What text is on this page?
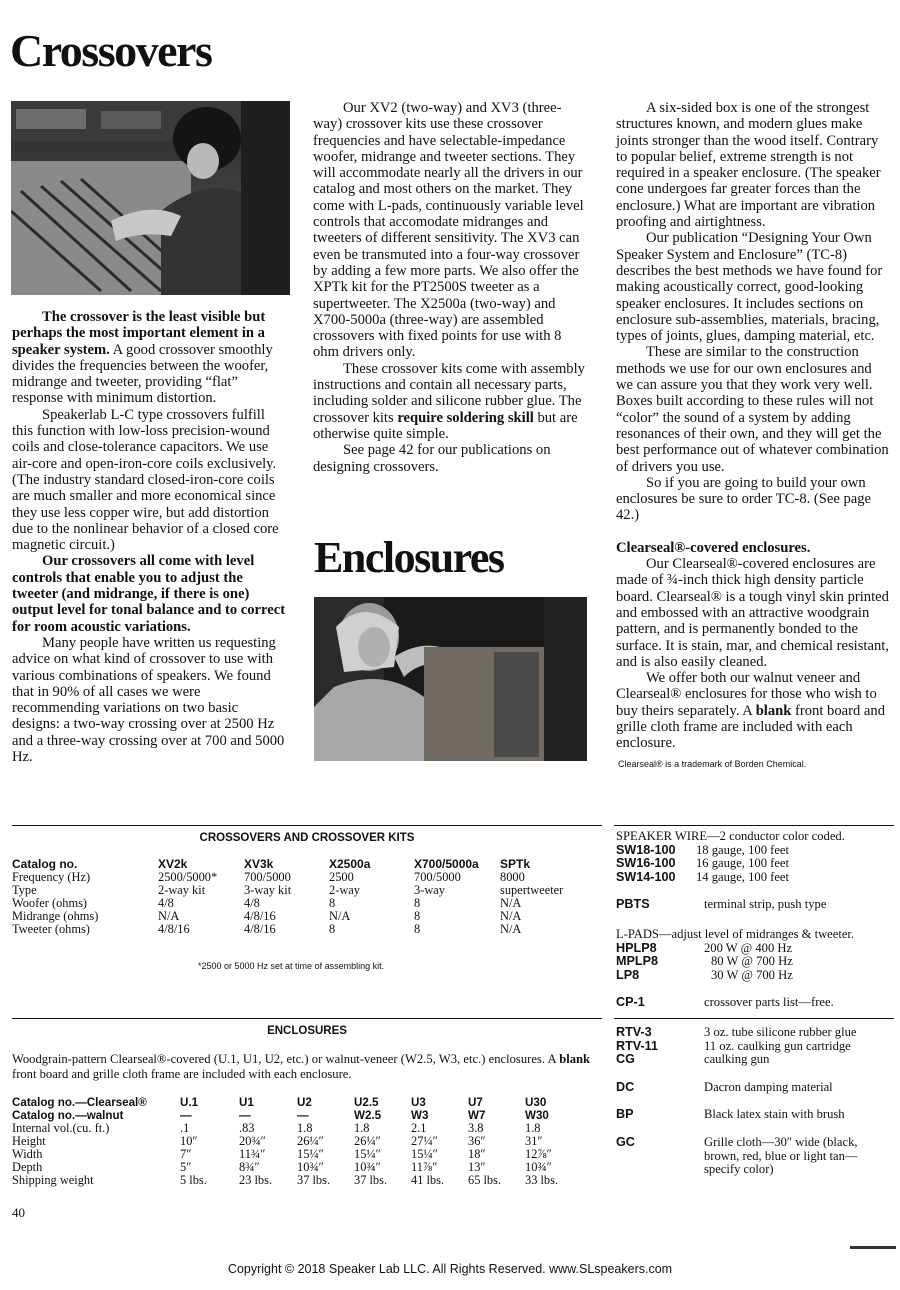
Crossovers
Enclosures

The crossover is the least visible but perhaps the most important element in a speaker system. A good crossover smoothly divides the frequencies between the woofer, midrange and tweeter, providing “flat” response with minimum distortion.

Speakerlab L-C type crossovers fulfill this function with low-loss precision-wound coils and close-tolerance capacitors. We use air-core and open-iron-core coils exclusively. (The industry standard closed-iron-core coils are much smaller and more economical since they use less copper wire, but add distortion due to the nonlinear behavior of a closed core magnetic circuit.)

Our crossovers all come with level controls that enable you to adjust the tweeter (and midrange, if there is one) output level for tonal balance and to correct for room acoustic variations.

Many people have written us requesting advice on what kind of crossover to use with various combinations of speakers. We found that in 90% of all cases we were recommending variations on two basic designs: a two-way crossing over at 2500 Hz and a three-way crossing over at 700 and 5000 Hz.

Our XV2 (two-way) and XV3 (three-way) crossover kits use these crossover frequencies and have selectable-impedance woofer, midrange and tweeter sections. They will accommodate nearly all the drivers in our catalog and most others on the market. They come with L-pads, continuously variable level controls that accomodate midranges and tweeters of different sensitivity. The XV3 can even be transmuted into a four-way crossover by adding a few more parts. We also offer the XPTk kit for the PT2500S tweeter as a supertweeter. The X2500a (two-way) and X700-5000a (three-way) are assembled crossovers with fixed points for use with 8 ohm drivers only.

These crossover kits come with assembly instructions and contain all necessary parts, including solder and silicone rubber glue. The crossover kits require soldering skill but are otherwise quite simple.

See page 42 for our publications on designing crossovers.

A six-sided box is one of the strongest structures known, and modern glues make joints stronger than the wood itself. Contrary to popular belief, extreme strength is not required in a speaker enclosure. (The speaker cone undergoes far greater forces than the enclosure.) What are important are vibration proofing and airtightness.

Our publication “Designing Your Own Speaker System and Enclosure” (TC-8) describes the best methods we have found for making acoustically correct, good-looking speaker enclosures. It includes sections on enclosure sub-assemblies, materials, bracing, types of joints, glues, damping material, etc.

These are similar to the construction methods we use for our own enclosures and we can assure you that they work very well. Boxes built according to these rules will not “color” the sound of a system by adding resonances of their own, and they will get the best performance out of whatever combination of drivers you use.

So if you are going to build your own enclosures be sure to order TC-8. (See page 42.)

Clearseal®-covered enclosures.

Our Clearseal®-covered enclosures are made of ¾-inch thick high density particle board. Clearseal® is a tough vinyl skin printed and embossed with an attractive woodgrain pattern, and is permanently bonded to the surface. It is stain, mar, and chemical resistant, and is also easily cleaned.

We offer both our walnut veneer and Clearseal® enclosures for those who wish to buy theirs separately. A blank front board and grille cloth frame are included with each enclosure.

Clearseal® is a trademark of Borden Chemical.
CROSSOVERS AND CROSSOVER KITS
Catalog no.	XV2k	XV3k	X2500a	X700/5000a	SPTk
Frequency (Hz)	2500/5000*	700/5000	2500	700/5000	8000
Type	2-way kit	3-way kit	2-way	3-way	supertweeter
Woofer (ohms)	4/8	4/8	8	8	N/A
Midrange (ohms)	N/A	4/8/16	N/A	8	N/A
Tweeter (ohms)	4/8/16	4/8/16	8	8	N/A
*2500 or 5000 Hz set at time of assembling kit.
ENCLOSURES
Woodgrain-pattern Clearseal®-covered (U.1, U1, U2, etc.) or walnut-veneer (W2.5, W3, etc.) enclosures. A blank front board and grille cloth frame are included with each enclosure.
Catalog no.—Clearseal®	U.1	U1	U2	U2.5	U3	U7	U30
Catalog no.—walnut	—	—	—	W2.5	W3	W7	W30
Internal vol.(cu. ft.)	.1	.83	1.8	1.8	2.1	3.8	1.8
Height	10″	20¾″	26¼″	26¼″	27¼″	36″	31″
Width	7″	11¾″	15¼″	15¼″	15¼″	18″	12⅞″
Depth	5″	8¾″	10¾″	10¾″	11⅞″	13″	10¾″
Shipping weight	5 lbs.	23 lbs.	37 lbs.	37 lbs.	41 lbs.	65 lbs.	33 lbs.
SPEAKER WIRE—2 conductor color coded.
SW18-100	18 gauge, 100 feet
SW16-100	16 gauge, 100 feet
SW14-100	14 gauge, 100 feet
PBTS	terminal strip, push type
L-PADS—adjust level of midranges & tweeter.
HPLP8	200 W @ 400 Hz
MPLP8	80 W @ 700 Hz
LP8	30 W @ 700 Hz
CP-1	crossover parts list—free.
RTV-3	3 oz. tube silicone rubber glue
RTV-11	11 oz. caulking gun cartridge
CG	caulking gun
DC	Dacron damping material
BP	Black latex stain with brush
GC	Grille cloth—30″ wide (black, brown, red, blue or light tan—specify color)
40
Copyright © 2018 Speaker Lab LLC. All Rights Reserved. www.SLspeakers.com
